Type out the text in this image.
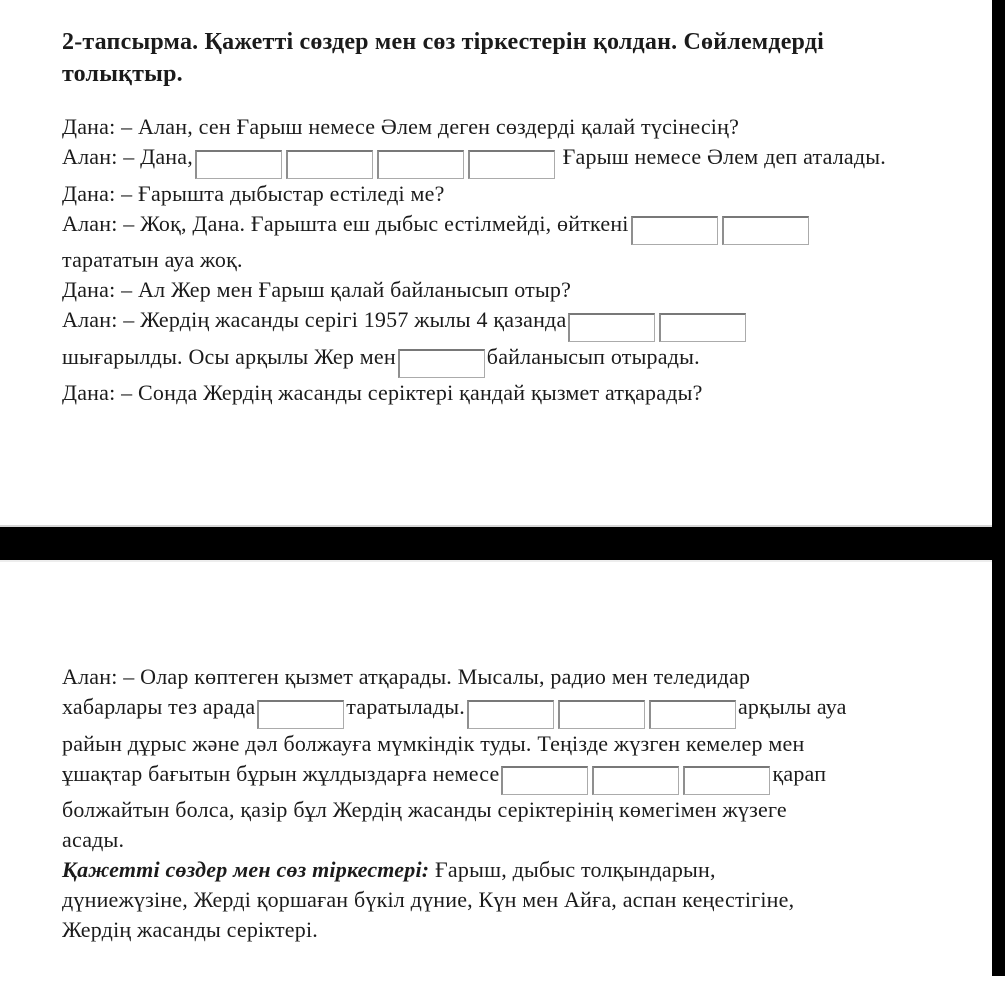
2-тапсырма. Қажетті сөздер мен сөз тіркестерін қолдан. Сөйлемдерді
толықтыр.
Дана: – Алан, сен Ғарыш немесе Әлем деген сөздерді қалай түсінесің?
Алан: – Дана,	Ғарыш немесе Әлем деп аталады.
Дана: – Ғарышта дыбыстар естіледі ме?
Алан: – Жоқ, Дана. Ғарышта еш дыбыс естілмейді, өйткені
тарататын ауа жоқ.
Дана: – Ал Жер мен Ғарыш қалай байланысып отыр?
Алан: – Жердің жасанды серігі 1957 жылы 4 қазанда
шығарылды. Осы арқылы Жер мен	байланысып отырады.
Дана: – Сонда Жердің жасанды серіктері қандай қызмет атқарады?
Алан: – Олар көптеген қызмет атқарады. Мысалы, радио мен теледидар
хабарлары тез арада	таратылады.	арқылы ауа
райын дұрыс және дәл болжауға мүмкіндік туды. Теңізде жүзген кемелер мен
ұшақтар бағытын бұрын жұлдыздарға немесе	қарап
болжайтын болса, қазір бұл Жердің жасанды серіктерінің көмегімен жүзеге
асады.
Қажетті сөздер мен сөз тіркестері: Ғарыш, дыбыс толқындарын,
дүниежүзіне, Жерді қоршаған бүкіл дүние, Күн мен Айға, аспан кеңестігіне,
Жердің жасанды серіктері.
